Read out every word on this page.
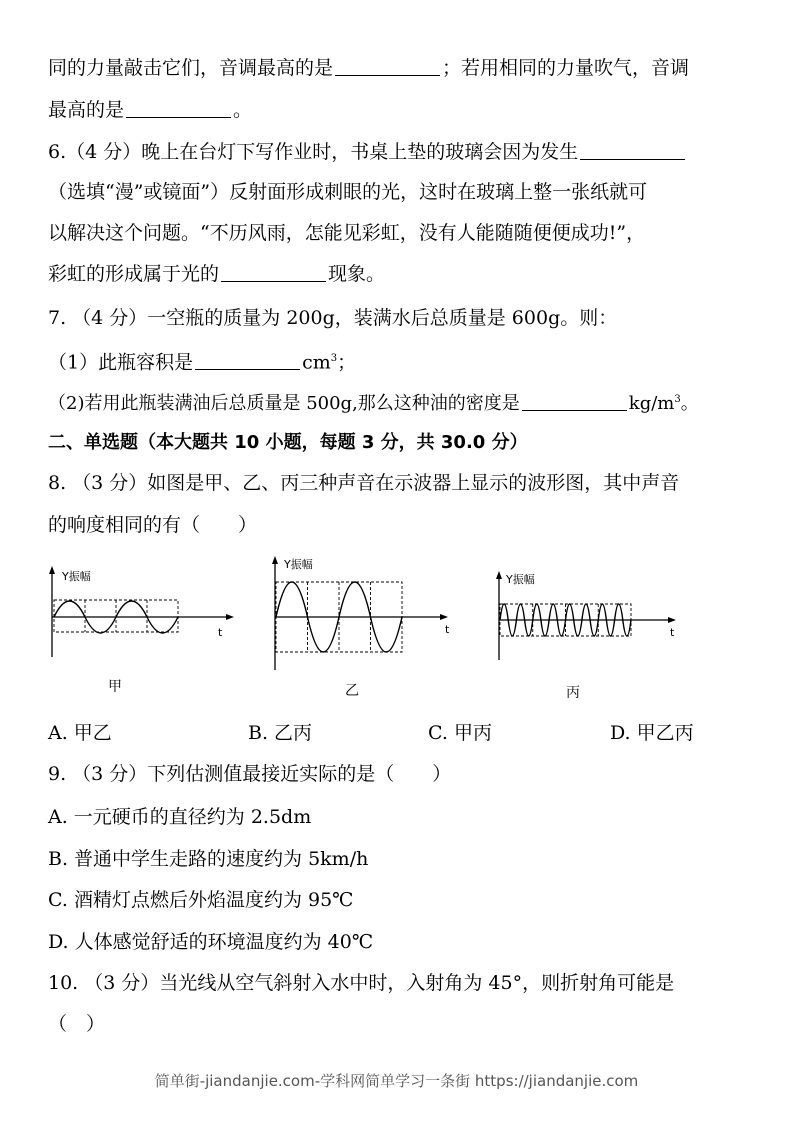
同的力量敲击它们，音调最高的是	；若用相同的力量吹气，音调
最高的是	。
6.（4 分）晚上在台灯下写作业时，书桌上垫的玻璃会因为发生
（选填“漫”或镜面”）反射面形成刺眼的光，这时在玻璃上整一张纸就可
以解决这个问题。“不历风雨，怎能见彩虹，没有人能随随便便成功!”，
彩虹的形成属于光的	现象。
7. （4 分）一空瓶的质量为 200g，装满水后总质量是 600g。则：
（1）此瓶容积是	$cm^3$；
（2)若用此瓶装满油后总质量是 500g,那么这种油的密度是	$kg/m^3$。
二、单选题（本大题共 10 小题，每题 3 分，共 30.0 分）
8. （3 分）如图是甲、乙、丙三种声音在示波器上显示的波形图，其中声音
的响度相同的有（　　）
Y振幅
t
甲
Y振幅
t
乙
Y振幅
t
丙
A. 甲乙	B. 乙丙	C. 甲丙	D. 甲乙丙
9. （3 分）下列估测值最接近实际的是（　　）
A. 一元硬币的直径约为 2.5dm
B. 普通中学生走路的速度约为 5km/h
C. 酒精灯点燃后外焰温度约为 95℃
D. 人体感觉舒适的环境温度约为 40℃
10. （3 分）当光线从空气斜射入水中时，入射角为 45°，则折射角可能是
（　）
简单街-jiandanjie.com-学科网简单学习一条街 https://jiandanjie.com
